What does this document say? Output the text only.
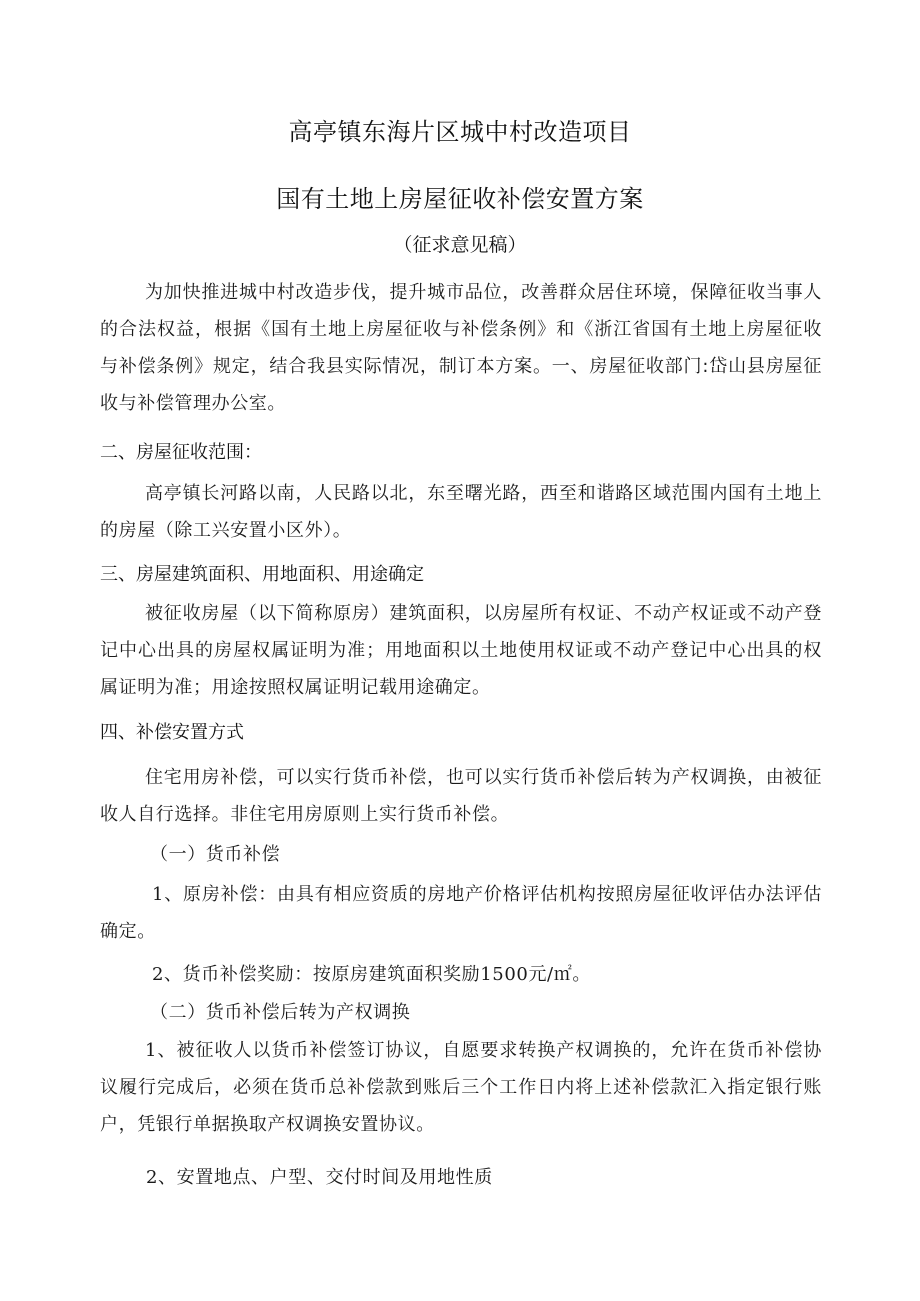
高亭镇东海片区城中村改造项目
国有土地上房屋征收补偿安置方案
（征求意见稿）

为加快推进城中村改造步伐，提升城市品位，改善群众居住环境，保障征收当事人的合法权益，根据《国有土地上房屋征收与补偿条例》和《浙江省国有土地上房屋征收与补偿条例》规定，结合我县实际情况，制订本方案。一、房屋征收部门:岱山县房屋征收与补偿管理办公室。

二、房屋征收范围：

高亭镇长河路以南，人民路以北，东至曙光路，西至和谐路区域范围内国有土地上的房屋（除工兴安置小区外）。

三、房屋建筑面积、用地面积、用途确定

被征收房屋（以下简称原房）建筑面积，以房屋所有权证、不动产权证或不动产登记中心出具的房屋权属证明为准；用地面积以土地使用权证或不动产登记中心出具的权属证明为准；用途按照权属证明记载用途确定。

四、补偿安置方式

住宅用房补偿，可以实行货币补偿，也可以实行货币补偿后转为产权调换，由被征收人自行选择。非住宅用房原则上实行货币补偿。

（一）货币补偿

1、原房补偿：由具有相应资质的房地产价格评估机构按照房屋征收评估办法评估确定。

2、货币补偿奖励：按原房建筑面积奖励1500元/㎡。
（二）货币补偿后转为产权调换

1、被征收人以货币补偿签订协议，自愿要求转换产权调换的，允许在货币补偿协议履行完成后，必须在货币总补偿款到账后三个工作日内将上述补偿款汇入指定银行账户，凭银行单据换取产权调换安置协议。

2、安置地点、户型、交付时间及用地性质
